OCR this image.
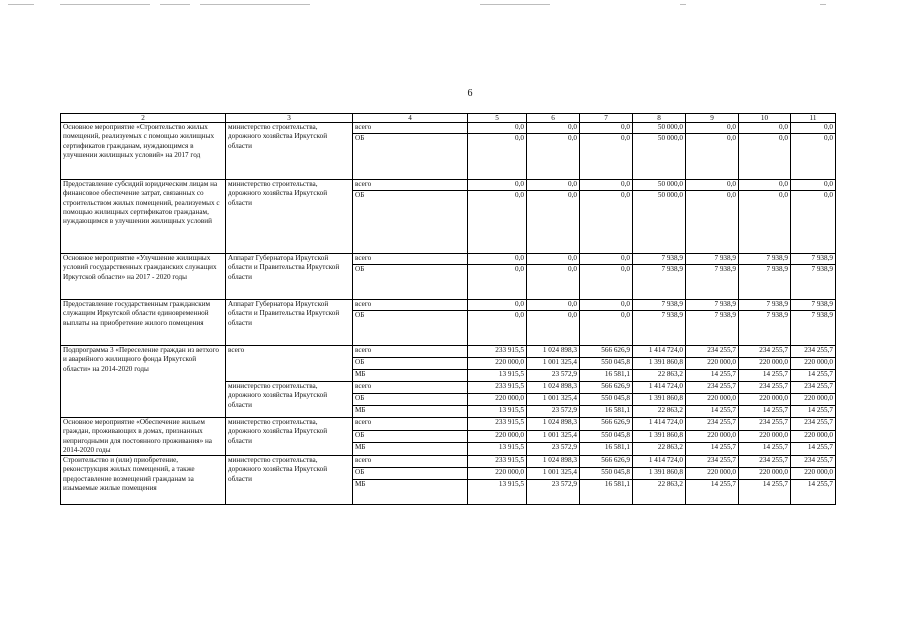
6
2	3	4	5	6	7	8	9	10	11
Основное мероприятие «Строительство жилых помещений, реализуемых с помощью жилищных сертификатов гражданам, нуждающимся в улучшении жилищных условий» на 2017 год	министерство строительства, дорожного хозяйства Иркутской области	всего	0,0	0,0	0,0	50 000,0	0,0	0,0	0,0
		ОБ	0,0	0,0	0,0	50 000,0	0,0	0,0	0,0
Предоставление субсидий юридическим лицам на финансовое обеспечение затрат, связанных со строительством жилых помещений, реализуемых с помощью жилищных сертификатов гражданам, нуждающимся в улучшении жилищных условий	министерство строительства, дорожного хозяйства Иркутской области	всего	0,0	0,0	0,0	50 000,0	0,0	0,0	0,0
		ОБ	0,0	0,0	0,0	50 000,0	0,0	0,0	0,0
Основное мероприятие «Улучшение жилищных условий государственных гражданских служащих Иркутской области» на 2017 - 2020 годы	Аппарат Губернатора Иркутской области и Правительства Иркутской области	всего	0,0	0,0	0,0	7 938,9	7 938,9	7 938,9	7 938,9
		ОБ	0,0	0,0	0,0	7 938,9	7 938,9	7 938,9	7 938,9
Предоставление государственным гражданским служащим Иркутской области единовременной выплаты на приобретение жилого помещения	Аппарат Губернатора Иркутской области и Правительства Иркутской области	всего	0,0	0,0	0,0	7 938,9	7 938,9	7 938,9	7 938,9
		ОБ	0,0	0,0	0,0	7 938,9	7 938,9	7 938,9	7 938,9
Подпрограмма 3 «Переселение граждан из ветхого и аварийного жилищного фонда Иркутской области» на 2014-2020 годы	всего	всего	233 915,5	1 024 898,3	566 626,9	1 414 724,0	234 255,7	234 255,7	234 255,7
		ОБ	220 000,0	1 001 325,4	550 045,8	1 391 860,8	220 000,0	220 000,0	220 000,0
		МБ	13 915,5	23 572,9	16 581,1	22 863,2	14 255,7	14 255,7	14 255,7
	министерство строительства, дорожного хозяйства Иркутской области	всего	233 915,5	1 024 898,3	566 626,9	1 414 724,0	234 255,7	234 255,7	234 255,7
		ОБ	220 000,0	1 001 325,4	550 045,8	1 391 860,8	220 000,0	220 000,0	220 000,0
		МБ	13 915,5	23 572,9	16 581,1	22 863,2	14 255,7	14 255,7	14 255,7
Основное мероприятие «Обеспечение жильем граждан, проживающих в домах, признанных непригодными для постоянного проживания» на 2014-2020 годы	министерство строительства, дорожного хозяйства Иркутской области	всего	233 915,5	1 024 898,3	566 626,9	1 414 724,0	234 255,7	234 255,7	234 255,7
		ОБ	220 000,0	1 001 325,4	550 045,8	1 391 860,8	220 000,0	220 000,0	220 000,0
		МБ	13 915,5	23 572,9	16 581,1	22 863,2	14 255,7	14 255,7	14 255,7
Строительство и (или) приобретение, реконструкция жилых помещений, а также предоставление возмещений гражданам за изымаемые жилые помещения	министерство строительства, дорожного хозяйства Иркутской области	всего	233 915,5	1 024 898,3	566 626,9	1 414 724,0	234 255,7	234 255,7	234 255,7
		ОБ	220 000,0	1 001 325,4	550 045,8	1 391 860,8	220 000,0	220 000,0	220 000,0
		МБ	13 915,5	23 572,9	16 581,1	22 863,2	14 255,7	14 255,7	14 255,7
